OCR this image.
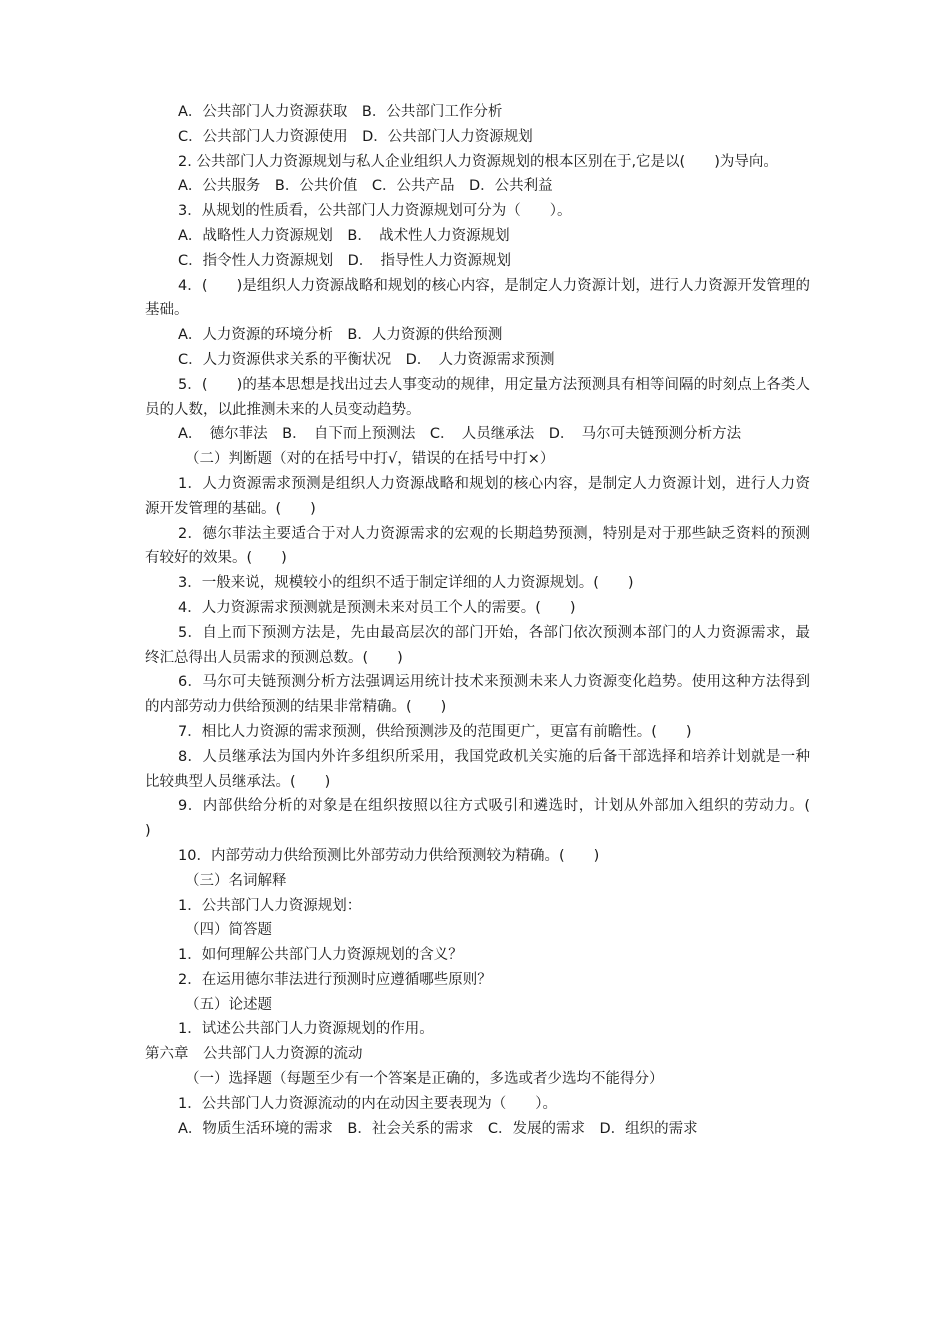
A．公共部门人力资源获取　B．公共部门工作分析
C．公共部门人力资源使用　D．公共部门人力资源规划
2. 公共部门人力资源规划与私人企业组织人力资源规划的根本区别在于,它是以(　　)为导向。
A．公共服务　B．公共价值　C．公共产品　D．公共利益
3．从规划的性质看，公共部门人力资源规划可分为（　　）。
A．战略性人力资源规划　B．　战术性人力资源规划
C．指令性人力资源规划　D．　指导性人力资源规划
4．(　　)是组织人力资源战略和规划的核心内容，是制定人力资源计划，进行人力资源开发管理的基础。
A．人力资源的环境分析　B．人力资源的供给预测
C．人力资源供求关系的平衡状况　D．　人力资源需求预测
5．(　　)的基本思想是找出过去人事变动的规律，用定量方法预测具有相等间隔的时刻点上各类人员的人数，以此推测未来的人员变动趋势。
A．　德尔菲法　B．　自下而上预测法　C．　人员继承法　D．　马尔可夫链预测分析方法
（二）判断题（对的在括号中打√，错误的在括号中打×）
1．人力资源需求预测是组织人力资源战略和规划的核心内容，是制定人力资源计划，进行人力资源开发管理的基础。(　　)
2．德尔菲法主要适合于对人力资源需求的宏观的长期趋势预测，特别是对于那些缺乏资料的预测有较好的效果。(　　)
3．一般来说，规模较小的组织不适于制定详细的人力资源规划。(　　)
4．人力资源需求预测就是预测未来对员工个人的需要。(　　)
5．自上而下预测方法是，先由最高层次的部门开始，各部门依次预测本部门的人力资源需求，最终汇总得出人员需求的预测总数。(　　)
6．马尔可夫链预测分析方法强调运用统计技术来预测未来人力资源变化趋势。使用这种方法得到的内部劳动力供给预测的结果非常精确。(　　)
7．相比人力资源的需求预测，供给预测涉及的范围更广，更富有前瞻性。(　　)
8．人员继承法为国内外许多组织所采用，我国党政机关实施的后备干部选择和培养计划就是一种比较典型人员继承法。(　　)
9．内部供给分析的对象是在组织按照以往方式吸引和遴选时，计划从外部加入组织的劳动力。(　　)
10．内部劳动力供给预测比外部劳动力供给预测较为精确。(　　)
（三）名词解释
1．公共部门人力资源规划：
（四）简答题
1．如何理解公共部门人力资源规划的含义？
2．在运用德尔菲法进行预测时应遵循哪些原则？
（五）论述题
1．试述公共部门人力资源规划的作用。
第六章　公共部门人力资源的流动
（一）选择题（每题至少有一个答案是正确的，多选或者少选均不能得分）
1．公共部门人力资源流动的内在动因主要表现为（　　）。
A．物质生活环境的需求　B．社会关系的需求　C．发展的需求　D．组织的需求
